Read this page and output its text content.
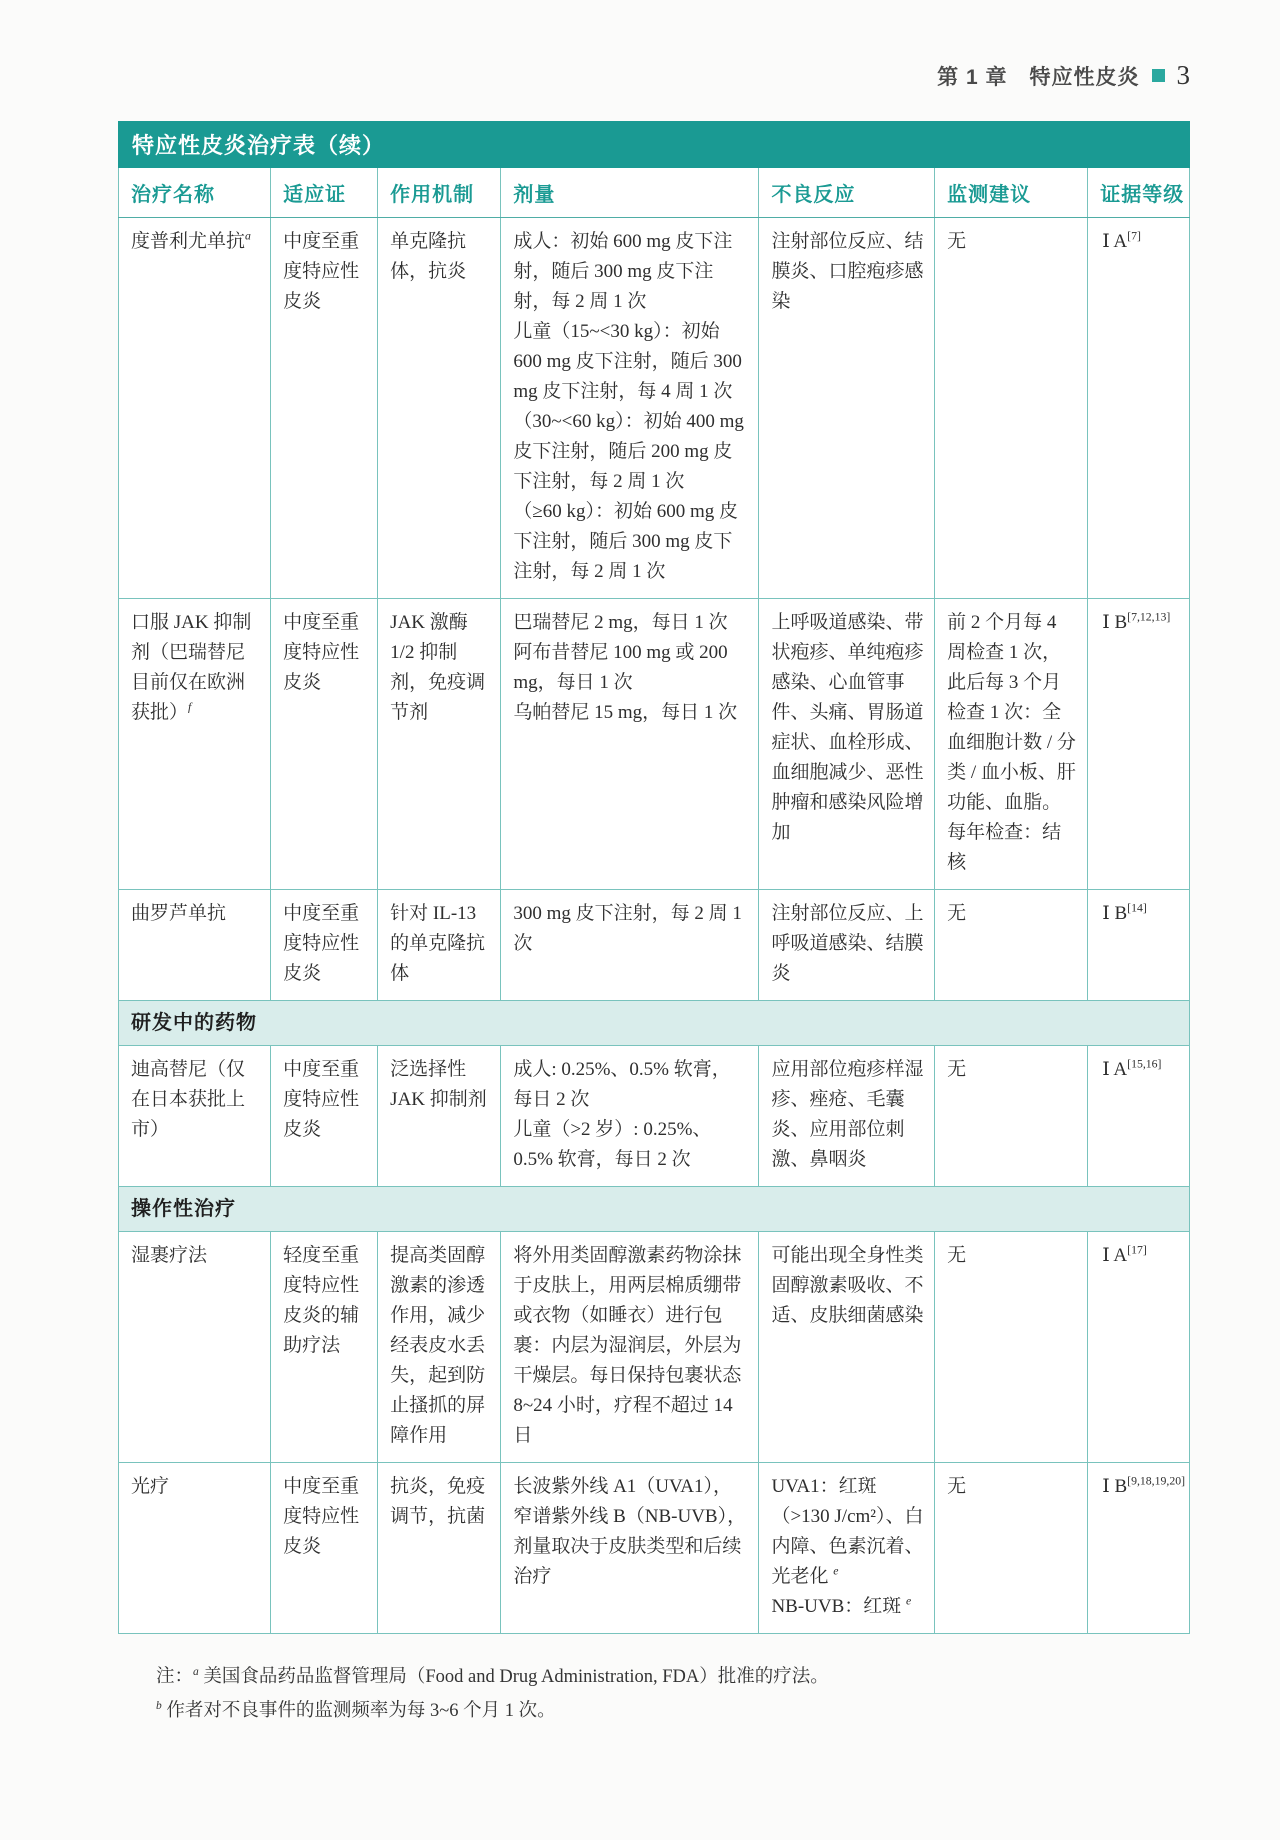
第 1 章　特应性皮炎 3
特应性皮炎治疗表（续）
治疗名称	适应证	作用机制	剂量	不良反应	监测建议	证据等级

度普利尤单抗$^a$	中度至重度特应性皮炎	单克隆抗体，抗炎	成人：初始 600 mg 皮下注射，随后 300 mg 皮下注射，每 2 周 1 次
儿童（15~<30 kg）：初始 600 mg 皮下注射，随后 300 mg 皮下注射，每 4 周 1 次
（30~<60 kg）：初始 400 mg 皮下注射，随后 200 mg 皮下注射，每 2 周 1 次
（≥60 kg）：初始 600 mg 皮下注射，随后 300 mg 皮下注射，每 2 周 1 次	注射部位反应、结膜炎、口腔疱疹感染	无	Ⅰ A[7]

口服 JAK 抑制剂（巴瑞替尼目前仅在欧洲获批）$^f$	中度至重度特应性皮炎	JAK 激酶 1/2 抑制剂，免疫调节剂	巴瑞替尼 2 mg，每日 1 次
阿布昔替尼 100 mg 或 200 mg，每日 1 次
乌帕替尼 15 mg，每日 1 次	上呼吸道感染、带状疱疹、单纯疱疹感染、心血管事件、头痛、胃肠道症状、血栓形成、血细胞减少、恶性肿瘤和感染风险增加	前 2 个月每 4 周检查 1 次，此后每 3 个月检查 1 次：全血细胞计数 / 分类 / 血小板、肝功能、血脂。每年检查：结核	Ⅰ B[7,12,13]

曲罗芦单抗	中度至重度特应性皮炎	针对 IL-13 的单克隆抗体	300 mg 皮下注射，每 2 周 1 次	注射部位反应、上呼吸道感染、结膜炎	无	Ⅰ B[14]

研发中的药物						

迪高替尼（仅在日本获批上市）	中度至重度特应性皮炎	泛选择性 JAK 抑制剂	成人: 0.25%、0.5% 软膏，每日 2 次
儿童（>2 岁）: 0.25%、0.5% 软膏，每日 2 次	应用部位疱疹样湿疹、痤疮、毛囊炎、应用部位刺激、鼻咽炎	无	Ⅰ A[15,16]

操作性治疗						

湿裹疗法	轻度至重度特应性皮炎的辅助疗法	提高类固醇激素的渗透作用，减少经表皮水丢失，起到防止搔抓的屏障作用	将外用类固醇激素药物涂抹于皮肤上，用两层棉质绷带或衣物（如睡衣）进行包裹：内层为湿润层，外层为干燥层。每日保持包裹状态 8~24 小时，疗程不超过 14 日	可能出现全身性类固醇激素吸收、不适、皮肤细菌感染	无	Ⅰ A[17]

光疗	中度至重度特应性皮炎	抗炎，免疫调节，抗菌	长波紫外线 A1（UVA1），窄谱紫外线 B（NB-UVB），剂量取决于皮肤类型和后续治疗	UVA1：红斑（>130 J/cm²）、白内障、色素沉着、光老化 $^e$
NB-UVB：红斑 $^e$	无	Ⅰ B[9,18,19,20]
注：$^a$ 美国食品药品监督管理局（Food and Drug Administration, FDA）批准的疗法。
$^b$ 作者对不良事件的监测频率为每 3~6 个月 1 次。
